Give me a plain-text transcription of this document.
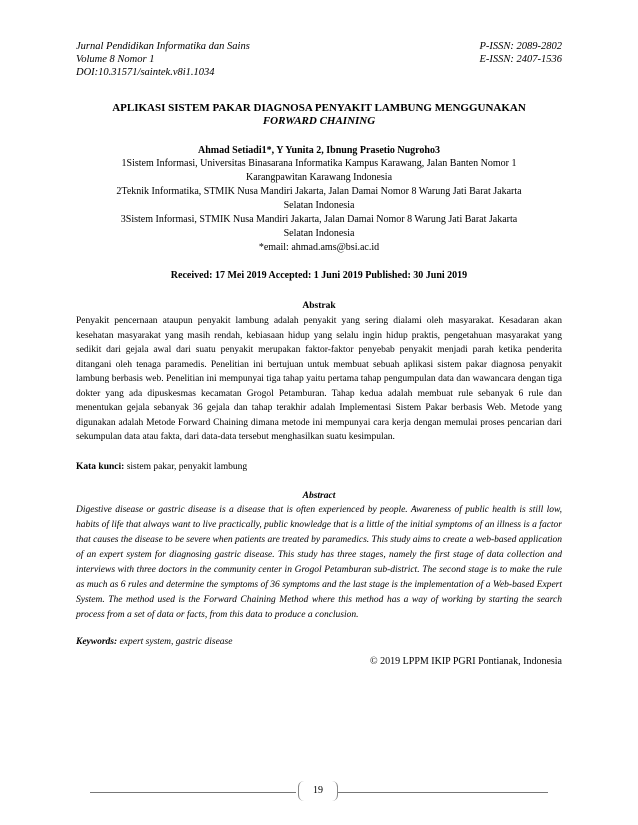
Jurnal Pendidikan Informatika dan Sains
Volume 8 Nomor 1
DOI:10.31571/saintek.v8i1.1034
P-ISSN: 2089-2802
E-ISSN: 2407-1536
APLIKASI SISTEM PAKAR DIAGNOSA PENYAKIT LAMBUNG MENGGUNAKAN
FORWARD CHAINING
Ahmad Setiadi1*, Y Yunita 2, Ibnung Prasetio Nugroho3
1Sistem Informasi, Universitas Binasarana Informatika Kampus Karawang, Jalan Banten Nomor 1
Karangpawitan Karawang Indonesia
2Teknik Informatika, STMIK Nusa Mandiri Jakarta, Jalan Damai Nomor 8 Warung Jati Barat Jakarta
Selatan Indonesia
3Sistem Informasi, STMIK Nusa Mandiri Jakarta, Jalan Damai Nomor 8 Warung Jati Barat Jakarta
Selatan Indonesia
*email: ahmad.ams@bsi.ac.id
Received: 17 Mei 2019 Accepted: 1 Juni 2019 Published: 30 Juni 2019
Abstrak

Penyakit pencernaan ataupun penyakit lambung adalah penyakit yang sering dialami oleh masyarakat. Kesadaran akan kesehatan masyarakat yang masih rendah, kebiasaan hidup yang selalu ingin hidup praktis, pengetahuan masyarakat yang sedikit dari gejala awal dari suatu penyakit merupakan faktor-faktor penyebab penyakit menjadi parah ketika penderita ditangani oleh tenaga paramedis. Penelitian ini bertujuan untuk membuat sebuah aplikasi sistem pakar diagnosa penyakit lambung berbasis web. Penelitian ini mempunyai tiga tahap yaitu pertama tahap pengumpulan data dan wawancara dengan tiga dokter yang ada dipuskesmas kecamatan Grogol Petamburan. Tahap kedua adalah membuat rule sebanyak 6 rule dan menentukan gejala sebanyak 36 gejala dan tahap terakhir adalah Implementasi Sistem Pakar berbasis Web. Metode yang digunakan adalah Metode Forward Chaining dimana metode ini mempunyai cara kerja dengan memulai proses pencarian dari sekumpulan data atau fakta, dari data-data tersebut menghasilkan suatu kesimpulan.

Kata kunci: sistem pakar, penyakit lambung
Abstract

Digestive disease or gastric disease is a disease that is often experienced by people. Awareness of public health is still low, habits of life that always want to live practically, public knowledge that is a little of the initial symptoms of an illness is a factor that causes the disease to be severe when patients are treated by paramedics. This study aims to create a web-based application of an expert system for diagnosing gastric disease. This study has three stages, namely the first stage of data collection and interviews with three doctors in the community center in Grogol Petamburan sub-district. The second stage is to make the rule as much as 6 rules and determine the symptoms of 36 symptoms and the last stage is the implementation of a Web-based Expert System. The method used is the Forward Chaining Method where this method has a way of working by starting the search process from a set of data or facts, from this data to produce a conclusion.

Keywords: expert system, gastric disease
© 2019 LPPM IKIP PGRI Pontianak, Indonesia
19
